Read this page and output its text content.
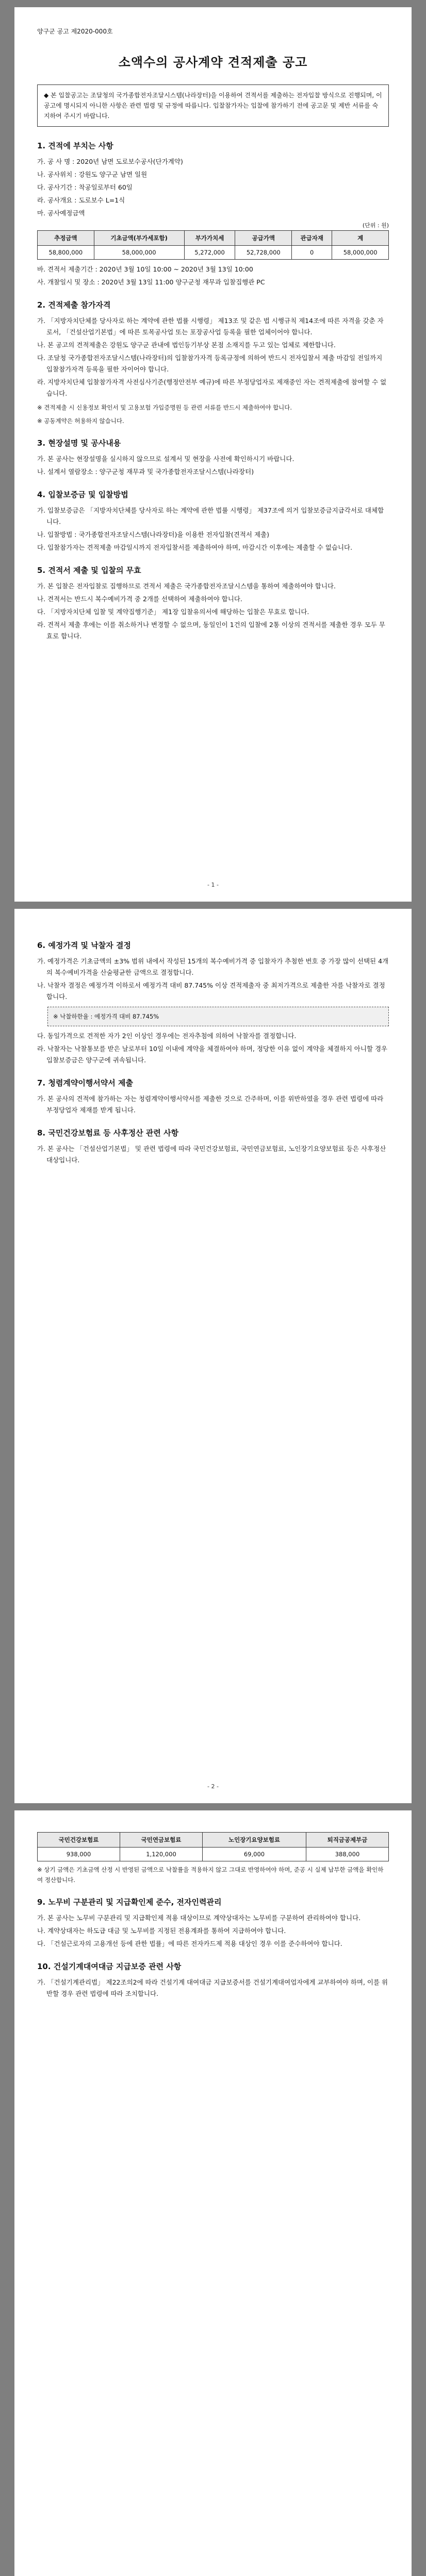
양구군 공고 제2020-000호
소액수의 공사계약 견적제출 공고
◆ 본 입찰공고는 조달청의 국가종합전자조달시스템(나라장터)을 이용하여 견적서를 제출하는 전자입찰 방식으로 진행되며, 이 공고에 명시되지 아니한 사항은 관련 법령 및 규정에 따릅니다. 입찰참가자는 입찰에 참가하기 전에 공고문 및 제반 서류를 숙지하여 주시기 바랍니다.
1. 견적에 부치는 사항
가. 공 사 명 : 2020년 남면 도로보수공사(단가계약)
나. 공사위치 : 강원도 양구군 남면 일원
다. 공사기간 : 착공일로부터 60일
라. 공사개요 : 도로보수 L=1식
마. 공사예정금액
(단위 : 원)
추정금액	기초금액(부가세포함)	부가가치세	공급가액	관급자재	계
58,800,000	58,000,000	5,272,000	52,728,000	0	58,000,000
바. 견적서 제출기간 : 2020년 3월 10일 10:00 ~ 2020년 3월 13일 10:00
사. 개찰일시 및 장소 : 2020년 3월 13일 11:00 양구군청 재무과 입찰집행관 PC
2. 견적제출 참가자격
가. 「지방자치단체를 당사자로 하는 계약에 관한 법률 시행령」 제13조 및 같은 법 시행규칙 제14조에 따른 자격을 갖춘 자로서, 「건설산업기본법」에 따른 토목공사업 또는 포장공사업 등록을 필한 업체이어야 합니다.
나. 본 공고의 견적제출은 강원도 양구군 관내에 법인등기부상 본점 소재지를 두고 있는 업체로 제한합니다.
다. 조달청 국가종합전자조달시스템(나라장터)의 입찰참가자격 등록규정에 의하여 반드시 전자입찰서 제출 마감일 전일까지 입찰참가자격 등록을 필한 자이어야 합니다.
라. 지방자치단체 입찰참가자격 사전심사기준(행정안전부 예규)에 따른 부정당업자로 제재중인 자는 견적제출에 참여할 수 없습니다.
※ 견적제출 시 신용정보 확인서 및 고용보험 가입증명원 등 관련 서류를 반드시 제출하여야 합니다.
※ 공동계약은 허용하지 않습니다.
3. 현장설명 및 공사내용
가. 본 공사는 현장설명을 실시하지 않으므로 설계서 및 현장을 사전에 확인하시기 바랍니다.
나. 설계서 열람장소 : 양구군청 재무과 및 국가종합전자조달시스템(나라장터)
4. 입찰보증금 및 입찰방법
가. 입찰보증금은 「지방자치단체를 당사자로 하는 계약에 관한 법률 시행령」 제37조에 의거 입찰보증금지급각서로 대체합니다.
나. 입찰방법 : 국가종합전자조달시스템(나라장터)을 이용한 전자입찰(견적서 제출)
다. 입찰참가자는 견적제출 마감일시까지 전자입찰서를 제출하여야 하며, 마감시간 이후에는 제출할 수 없습니다.
5. 견적서 제출 및 입찰의 무효
가. 본 입찰은 전자입찰로 집행하므로 견적서 제출은 국가종합전자조달시스템을 통하여 제출하여야 합니다.
나. 견적서는 반드시 복수예비가격 중 2개를 선택하여 제출하여야 합니다.
다. 「지방자치단체 입찰 및 계약집행기준」 제1장 입찰유의서에 해당하는 입찰은 무효로 합니다.
라. 견적서 제출 후에는 이를 취소하거나 변경할 수 없으며, 동일인이 1건의 입찰에 2통 이상의 견적서를 제출한 경우 모두 무효로 합니다.
- 1 -
6. 예정가격 및 낙찰자 결정
가. 예정가격은 기초금액의 ±3% 범위 내에서 작성된 15개의 복수예비가격 중 입찰자가 추첨한 번호 중 가장 많이 선택된 4개의 복수예비가격을 산술평균한 금액으로 결정합니다.
나. 낙찰자 결정은 예정가격 이하로서 예정가격 대비 87.745% 이상 견적제출자 중 최저가격으로 제출한 자를 낙찰자로 결정합니다.
※ 낙찰하한율 : 예정가격 대비 87.745%
다. 동일가격으로 견적한 자가 2인 이상인 경우에는 전자추첨에 의하여 낙찰자를 결정합니다.
라. 낙찰자는 낙찰통보를 받은 날로부터 10일 이내에 계약을 체결하여야 하며, 정당한 이유 없이 계약을 체결하지 아니할 경우 입찰보증금은 양구군에 귀속됩니다.
7. 청렴계약이행서약서 제출
가. 본 공사의 견적에 참가하는 자는 청렴계약이행서약서를 제출한 것으로 간주하며, 이를 위반하였을 경우 관련 법령에 따라 부정당업자 제재를 받게 됩니다.
8. 국민건강보험료 등 사후정산 관련 사항
가. 본 공사는 「건설산업기본법」 및 관련 법령에 따라 국민건강보험료, 국민연금보험료, 노인장기요양보험료 등은 사후정산 대상입니다.
- 2 -
국민건강보험료	국민연금보험료	노인장기요양보험료	퇴직금공제부금
938,000	1,120,000	69,000	388,000
※ 상기 금액은 기초금액 산정 시 반영된 금액으로 낙찰률을 적용하지 않고 그대로 반영하여야 하며, 준공 시 실제 납부한 금액을 확인하여 정산합니다.
9. 노무비 구분관리 및 지급확인제 준수, 전자인력관리
가. 본 공사는 노무비 구분관리 및 지급확인제 적용 대상이므로 계약상대자는 노무비를 구분하여 관리하여야 합니다.
나. 계약상대자는 하도급 대금 및 노무비를 지정된 전용계좌를 통하여 지급하여야 합니다.
다. 「건설근로자의 고용개선 등에 관한 법률」에 따른 전자카드제 적용 대상인 경우 이를 준수하여야 합니다.
10. 건설기계대여대금 지급보증 관련 사항
가. 「건설기계관리법」 제22조의2에 따라 건설기계 대여대금 지급보증서를 건설기계대여업자에게 교부하여야 하며, 이를 위반할 경우 관련 법령에 따라 조치합니다.
